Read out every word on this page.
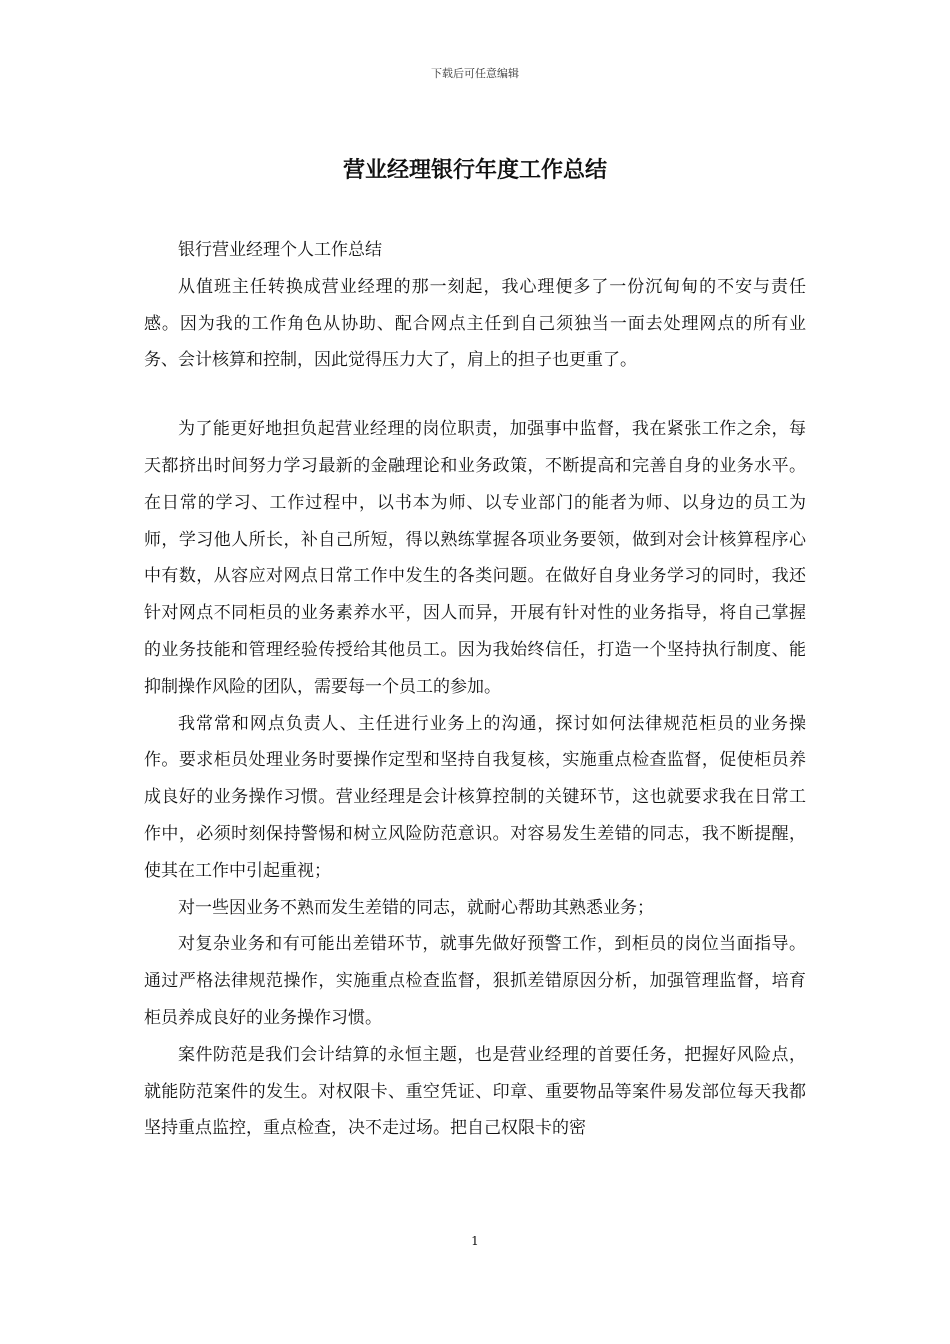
下载后可任意编辑
营业经理银行年度工作总结

银行营业经理个人工作总结

从值班主任转换成营业经理的那一刻起，我心理便多了一份沉甸甸的不安与责任感。因为我的工作角色从协助、配合网点主任到自己须独当一面去处理网点的所有业务、会计核算和控制，因此觉得压力大了，肩上的担子也更重了。

为了能更好地担负起营业经理的岗位职责，加强事中监督，我在紧张工作之余，每天都挤出时间努力学习最新的金融理论和业务政策，不断提高和完善自身的业务水平。在日常的学习、工作过程中，以书本为师、以专业部门的能者为师、以身边的员工为师，学习他人所长，补自己所短，得以熟练掌握各项业务要领，做到对会计核算程序心中有数，从容应对网点日常工作中发生的各类问题。在做好自身业务学习的同时，我还针对网点不同柜员的业务素养水平，因人而异，开展有针对性的业务指导，将自己掌握的业务技能和管理经验传授给其他员工。因为我始终信任，打造一个坚持执行制度、能抑制操作风险的团队，需要每一个员工的参加。

我常常和网点负责人、主任进行业务上的沟通，探讨如何法律规范柜员的业务操作。要求柜员处理业务时要操作定型和坚持自我复核，实施重点检查监督，促使柜员养成良好的业务操作习惯。营业经理是会计核算控制的关键环节，这也就要求我在日常工作中，必须时刻保持警惕和树立风险防范意识。对容易发生差错的同志，我不断提醒，使其在工作中引起重视；

对一些因业务不熟而发生差错的同志，就耐心帮助其熟悉业务；

对复杂业务和有可能出差错环节，就事先做好预警工作，到柜员的岗位当面指导。通过严格法律规范操作，实施重点检查监督，狠抓差错原因分析，加强管理监督，培育柜员养成良好的业务操作习惯。

案件防范是我们会计结算的永恒主题，也是营业经理的首要任务，把握好风险点，就能防范案件的发生。对权限卡、重空凭证、印章、重要物品等案件易发部位每天我都坚持重点监控，重点检查，决不走过场。把自己权限卡的密

1
